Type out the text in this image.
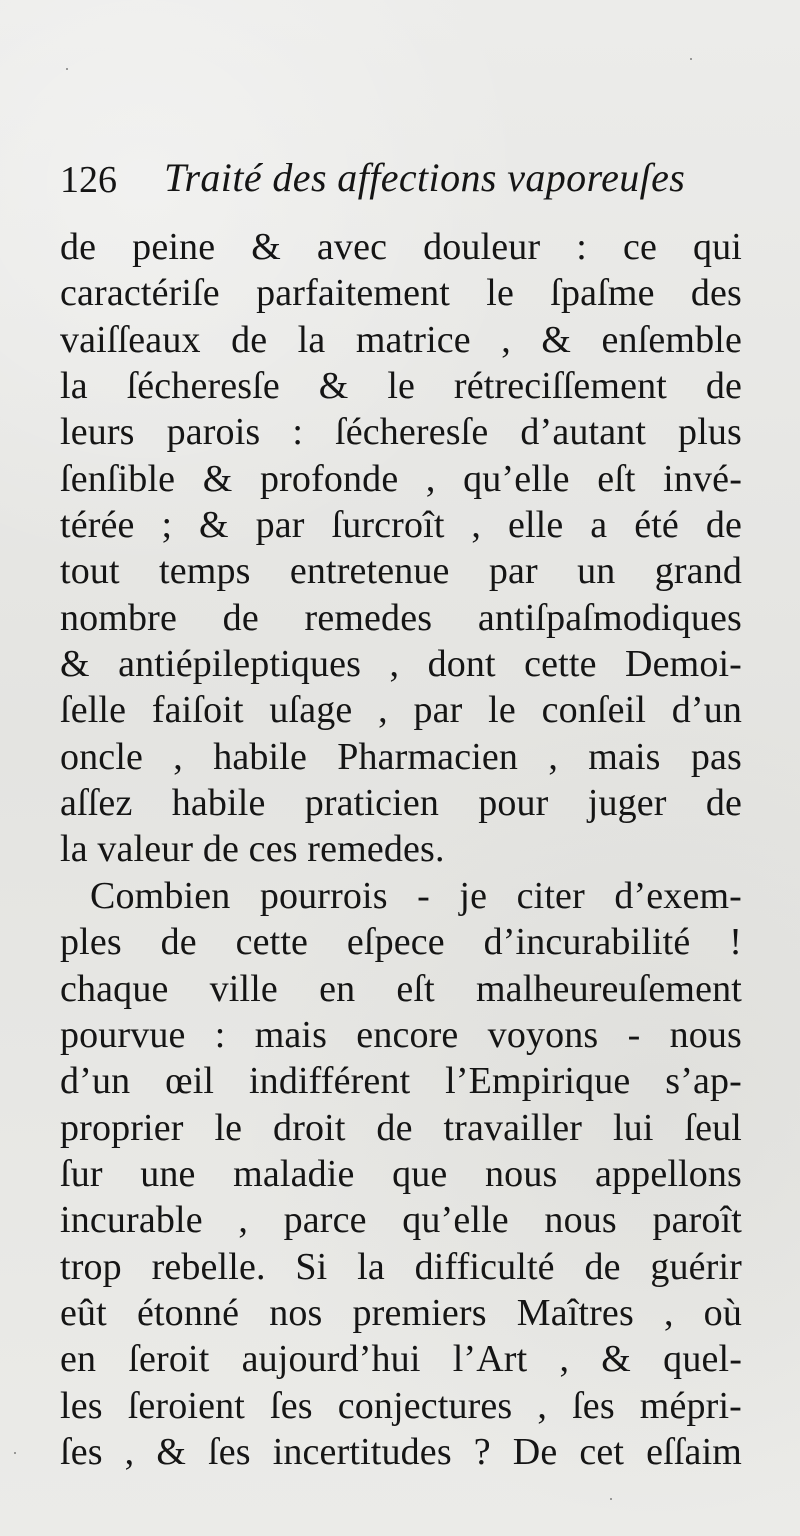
126 Traité des affections vaporeuſes
de peine & avec douleur : ce qui
caractériſe parfaitement le ſpaſme des
vaiſſeaux de la matrice , & enſemble
la ſécheresſe & le rétreciſſement de
leurs parois : ſécheresſe d’autant plus
ſenſible & profonde , qu’elle eſt invé-
térée ; & par ſurcroît , elle a été de
tout temps entretenue par un grand
nombre de remedes antiſpaſmodiques
& antiépileptiques , dont cette Demoi-
ſelle faiſoit uſage , par le conſeil d’un
oncle , habile Pharmacien , mais pas
aſſez habile praticien pour juger de
la valeur de ces remedes.
Combien pourrois - je citer d’exem-
ples de cette eſpece d’incurabilité !
chaque ville en eſt malheureuſement
pourvue : mais encore voyons - nous
d’un œil indifférent l’Empirique s’ap-
proprier le droit de travailler lui ſeul
ſur une maladie que nous appellons
incurable , parce qu’elle nous paroît
trop rebelle. Si la difficulté de guérir
eût étonné nos premiers Maîtres , où
en ſeroit aujourd’hui l’Art , & quel-
les ſeroient ſes conjectures , ſes mépri-
ſes , & ſes incertitudes ? De cet eſſaim
